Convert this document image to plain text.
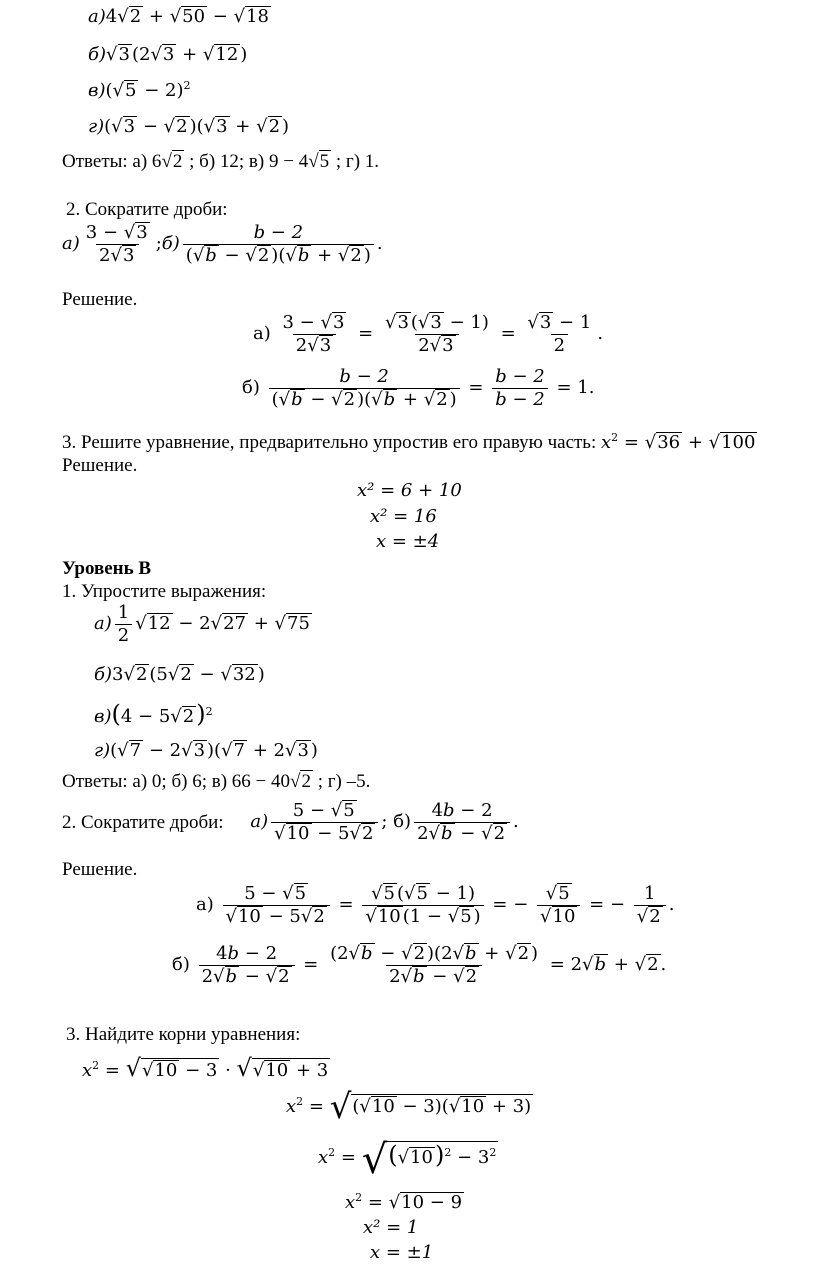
а)4 √ 2 + √ 50 − √ 18
б) √ 3 (2 √ 3 + √ 12 )
в)( √ 5 − 2)$^2$
г)( √ 3 − √ 2 )( √ 3 + √ 2 )
Ответы: а) 6 √ 2 ; б) 12; в) 9 − 4 √ 5 ; г) 1.
2. Сократите дроби:
$а) \frac{3 - √ 3}{2 √ 3}$ ;б) $\frac{b - 2}{( √ b - √ 2 )( √ b + √ 2 )}$ .
Решение.
$а) \frac{3 - √ 3}{2 √ 3}$ = √ $\frac{3 ( √ 3 - 1)}{2 √ 3}$ = √ $\frac{3 - 1}{2}$ .
$б) \frac{b - 2}{( √ b - √ 2 )( √ b + √ 2 )} = \frac{b - 2}{b - 2} = 1$.
3. Решите уравнение, предварительно упростив его правую часть: $x^2$ = √ 36 + √ 100
Решение.
x² = 6 + 10
x² = 16
x = ±4
Уровень В
1. Упростите выражения:
$а) \frac{1}{2}$ √ 12 − 2 √ 27 + √ 75
б)3 √ 2 (5 √ 2 − √ 32 )
в)(4 − 5 √ 2)$^2$
г)( √ 7 − 2 √ 3 )( √ 7 + 2 √ 3 )
Ответы: а) 0; б) 6; в) 66 − 40 √ 2 ; г) –5.
2. Сократите дроби: а) 5 − √ 5
√ 10 − 5 √ 2 ; $б) \frac{4b - 2}{2 √ b - √ 2}$ .
Решение.
а) 5 − √ 5
√ 10 − 5 √ 2 = √ 5 ( √ 5 − 1)
√ 10 (1 − √ 5 ) = − √ 5
√ 10 = − 1
√ 2 .
$б) \frac{4b - 2}{2 √ b - √ 2} = \frac{(2 √ b - √ 2 )(2 √ b + √ 2 )}{2 √ b - √ 2} = 2$ √ b + √ 2 .
3. Найдите корни уравнения:
$x^2$ = √ √ 10 − 3 · √ √ 10 + 3
$x^2$ = √( √ 10 − 3)( √ 10 + 3)
$x^2$ = √( √ $10)^2 - 3^2$
$x^2$ = √ 10 − 9
x² = 1
x = ±1
